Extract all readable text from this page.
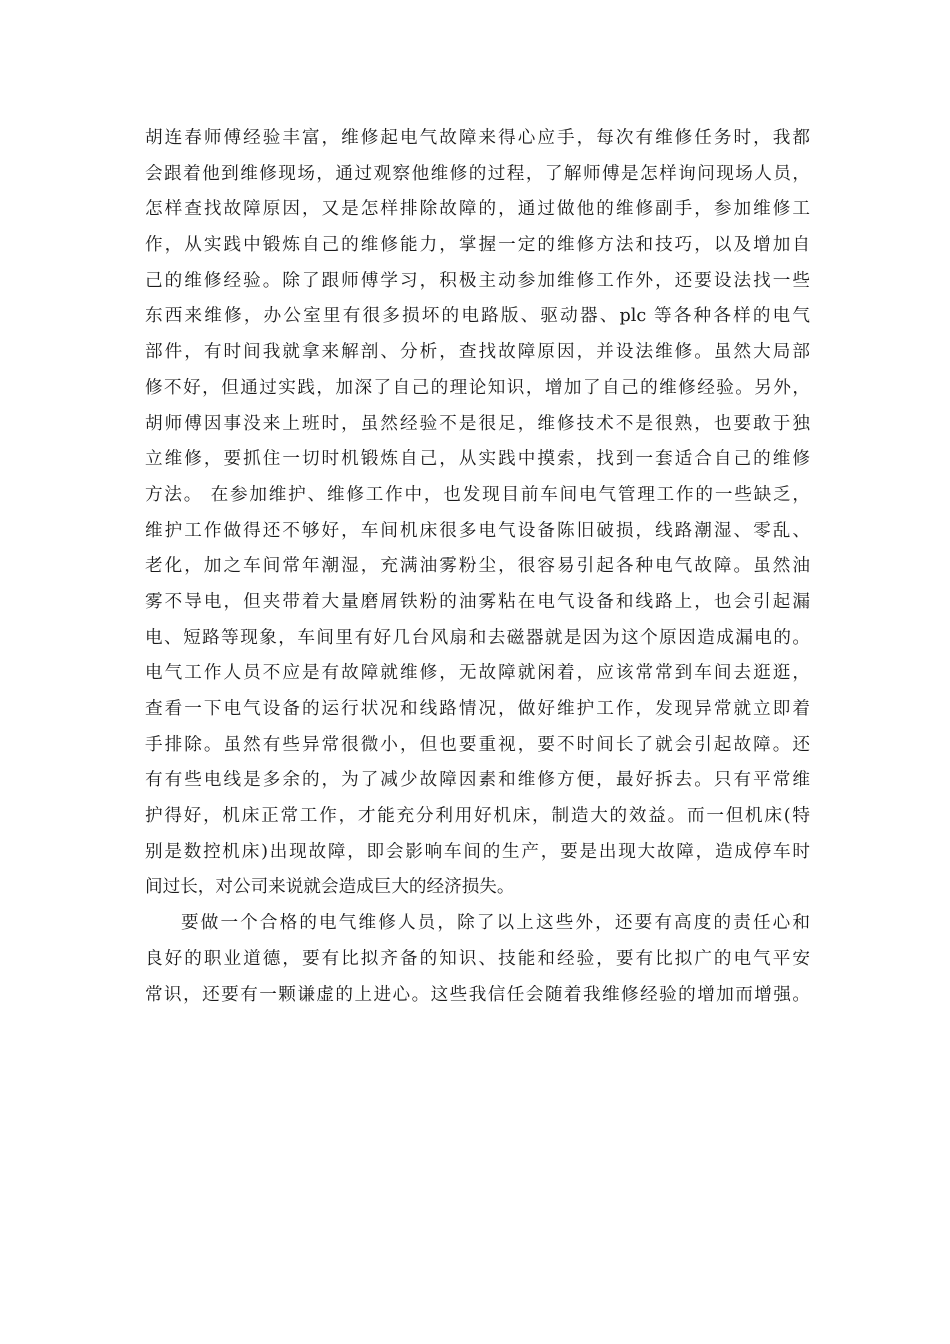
胡连春师傅经验丰富，维修起电气故障来得心应手，每次有维修任务时，我都
会跟着他到维修现场，通过观察他维修的过程，了解师傅是怎样询问现场人员，
怎样查找故障原因，又是怎样排除故障的，通过做他的维修副手，参加维修工
作，从实践中锻炼自己的维修能力，掌握一定的维修方法和技巧，以及增加自
己的维修经验。除了跟师傅学习，积极主动参加维修工作外，还要设法找一些
东西来维修，办公室里有很多损坏的电路版、驱动器、plc 等各种各样的电气
部件，有时间我就拿来解剖、分析，查找故障原因，并设法维修。虽然大局部
修不好，但通过实践，加深了自己的理论知识，增加了自己的维修经验。另外，
胡师傅因事没来上班时，虽然经验不是很足，维修技术不是很熟，也要敢于独
立维修，要抓住一切时机锻炼自己，从实践中摸索，找到一套适合自己的维修
方法。 在参加维护、维修工作中，也发现目前车间电气管理工作的一些缺乏，
维护工作做得还不够好，车间机床很多电气设备陈旧破损，线路潮湿、零乱、
老化，加之车间常年潮湿，充满油雾粉尘，很容易引起各种电气故障。虽然油
雾不导电，但夹带着大量磨屑铁粉的油雾粘在电气设备和线路上，也会引起漏
电、短路等现象，车间里有好几台风扇和去磁器就是因为这个原因造成漏电的。
电气工作人员不应是有故障就维修，无故障就闲着，应该常常到车间去逛逛，
查看一下电气设备的运行状况和线路情况，做好维护工作，发现异常就立即着
手排除。虽然有些异常很微小，但也要重视，要不时间长了就会引起故障。还
有有些电线是多余的，为了减少故障因素和维修方便，最好拆去。只有平常维
护得好，机床正常工作，才能充分利用好机床，制造大的效益。而一但机床(特
别是数控机床)出现故障，即会影响车间的生产，要是出现大故障，造成停车时
间过长，对公司来说就会造成巨大的经济损失。
要做一个合格的电气维修人员，除了以上这些外，还要有高度的责任心和
良好的职业道德，要有比拟齐备的知识、技能和经验，要有比拟广的电气平安
常识，还要有一颗谦虚的上进心。这些我信任会随着我维修经验的增加而增强。
